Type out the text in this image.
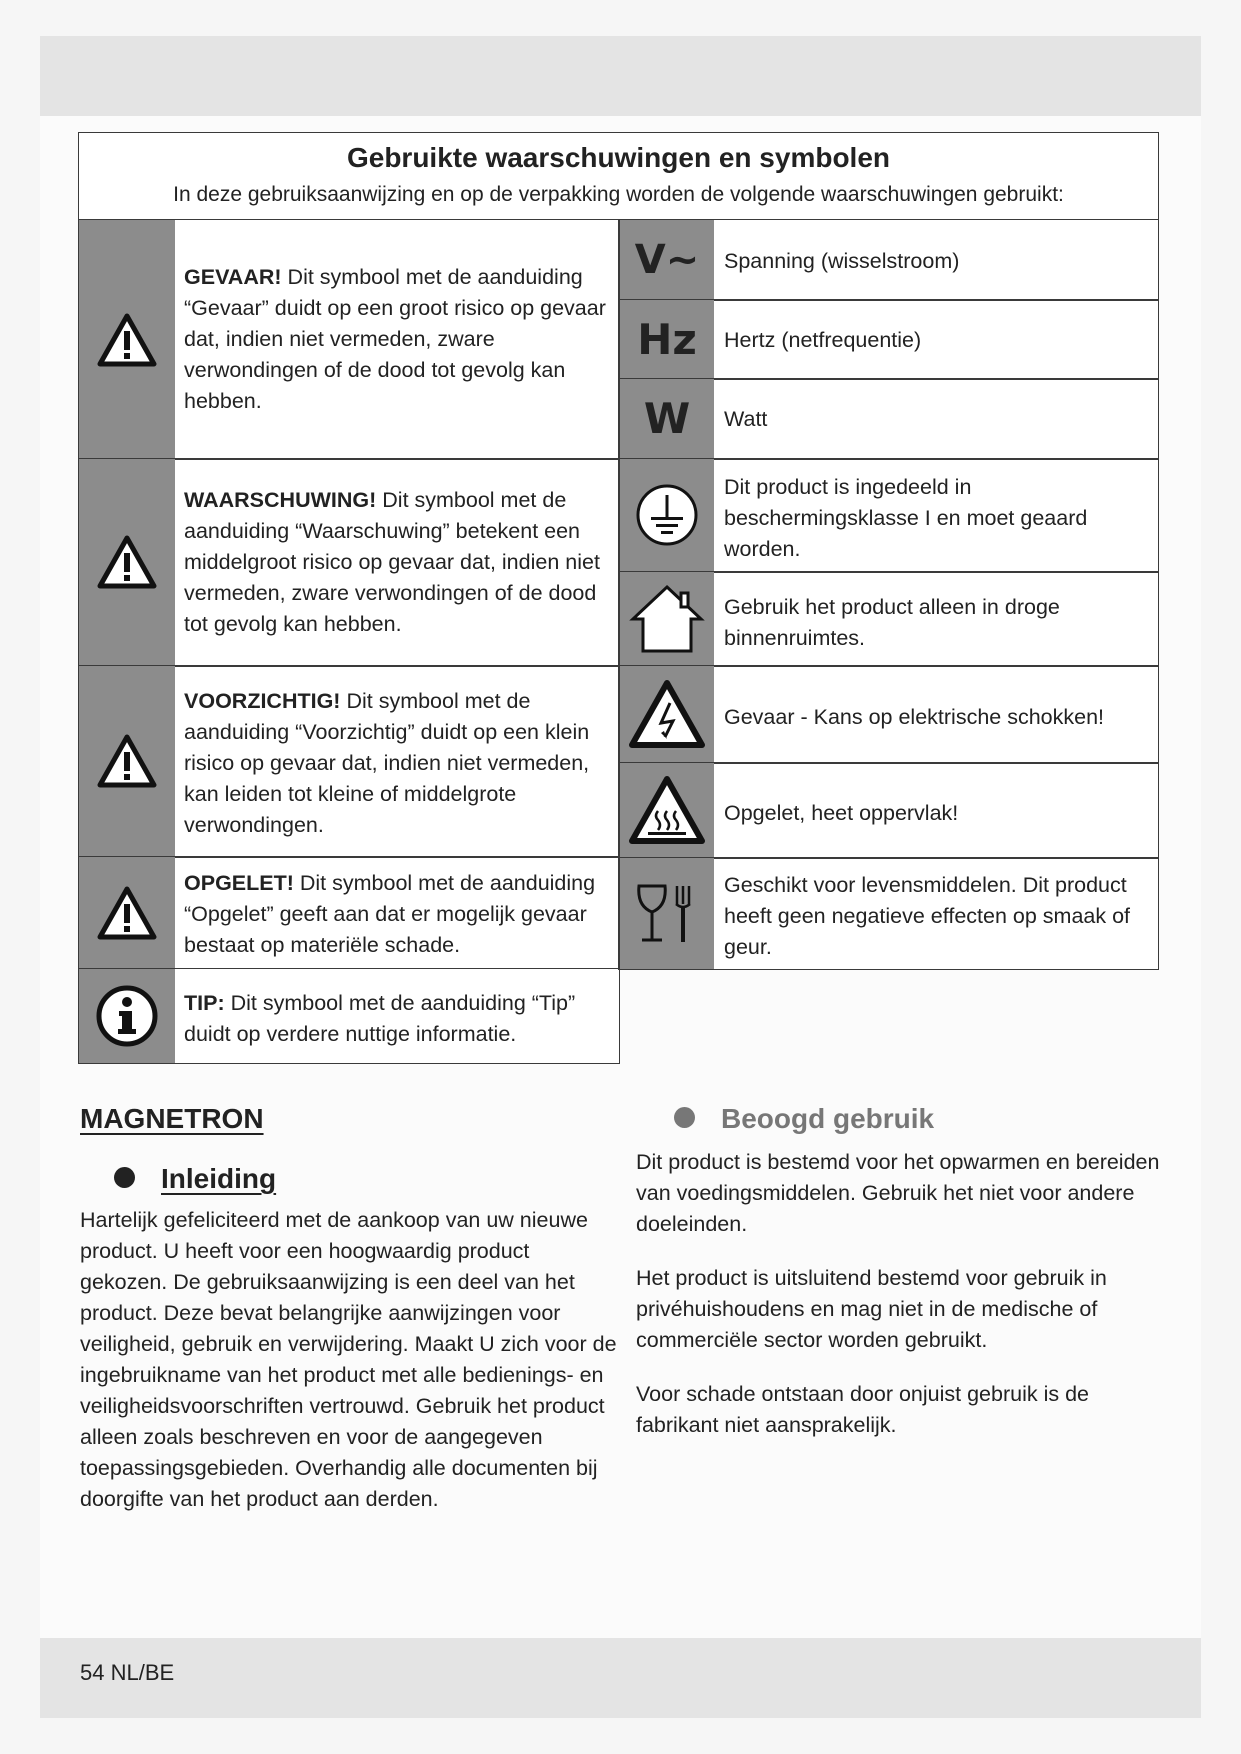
Gebruikte waarschuwingen en symbolen
In deze gebruiksaanwijzing en op de verpakking worden de volgende waarschuwingen gebruikt:
GEVAAR! Dit symbool met de aanduiding “Gevaar” duidt op een groot risico op gevaar dat, indien niet vermeden, zware verwondingen of de dood tot gevolg kan hebben.
WAARSCHUWING! Dit symbool met de aanduiding “Waarschuwing” betekent een middelgroot risico op gevaar dat, indien niet vermeden, zware verwondingen of de dood tot gevolg kan hebben.
VOORZICHTIG! Dit symbool met de aanduiding “Voorzichtig” duidt op een klein risico op gevaar dat, indien niet vermeden, kan leiden tot kleine of middelgrote verwondingen.
OPGELET! Dit symbool met de aanduiding “Opgelet” geeft aan dat er mogelijk gevaar bestaat op materiële schade.
TIP: Dit symbool met de aanduiding “Tip” duidt op verdere nuttige informatie.
V~ Spanning (wisselstroom)
Hz Hertz (netfrequentie)
W Watt
Dit product is ingedeeld in beschermingsklasse I en moet geaard worden.
Gebruik het product alleen in droge binnenruimtes.
Gevaar - Kans op elektrische schokken!
Opgelet, heet oppervlak!
Geschikt voor levensmiddelen. Dit product heeft geen negatieve effecten op smaak of geur.
MAGNETRON
Inleiding

Hartelijk gefeliciteerd met de aankoop van uw nieuwe product. U heeft voor een hoogwaardig product gekozen. De gebruiksaanwijzing is een deel van het product. Deze bevat belangrijke aanwijzingen voor veiligheid, gebruik en verwijdering. Maakt U zich voor de ingebruikname van het product met alle bedienings- en veiligheidsvoorschriften vertrouwd. Gebruik het product alleen zoals beschreven en voor de aangegeven toepassingsgebieden. Overhandig alle documenten bij doorgifte van het product aan derden.

Beoogd gebruik

Dit product is bestemd voor het opwarmen en bereiden van voedingsmiddelen. Gebruik het niet voor andere doeleinden.

Het product is uitsluitend bestemd voor gebruik in privéhuishoudens en mag niet in de medische of commerciële sector worden gebruikt.

Voor schade ontstaan door onjuist gebruik is de fabrikant niet aansprakelijk.

54 NL/BE
